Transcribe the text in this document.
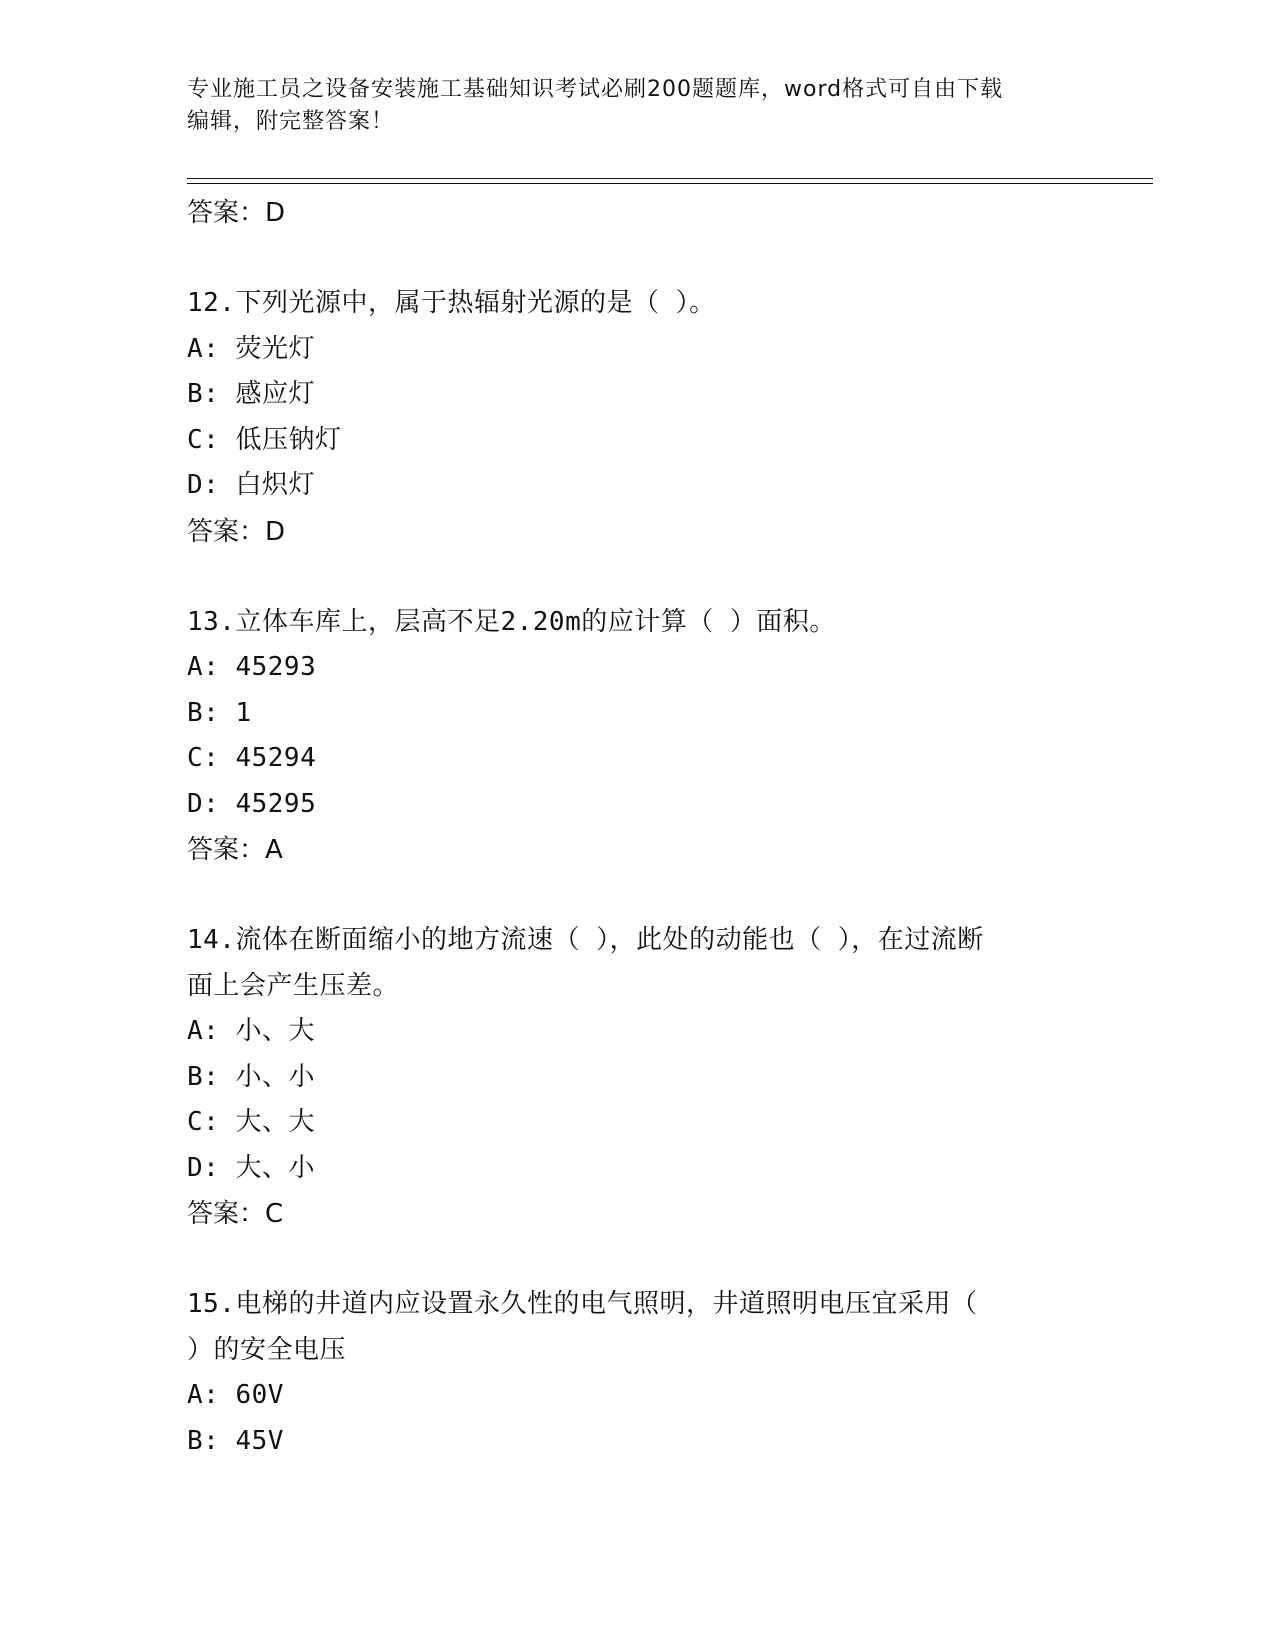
专业施工员之设备安装施工基础知识考试必刷200题题库，word格式可自由下载
编辑，附完整答案！
答案：D
12.下列光源中，属于热辐射光源的是（ ）。
A: 荧光灯
B: 感应灯
C: 低压钠灯
D: 白炽灯
答案：D
13.立体车库上，层高不足2.20m的应计算（ ）面积。
A: 45293
B: 1
C: 45294
D: 45295
答案：A
14.流体在断面缩小的地方流速（ ），此处的动能也（ ），在过流断
面上会产生压差。
A: 小、大
B: 小、小
C: 大、大
D: 大、小
答案：C
15.电梯的井道内应设置永久性的电气照明，井道照明电压宜采用（
）的安全电压
A: 60V
B: 45V
